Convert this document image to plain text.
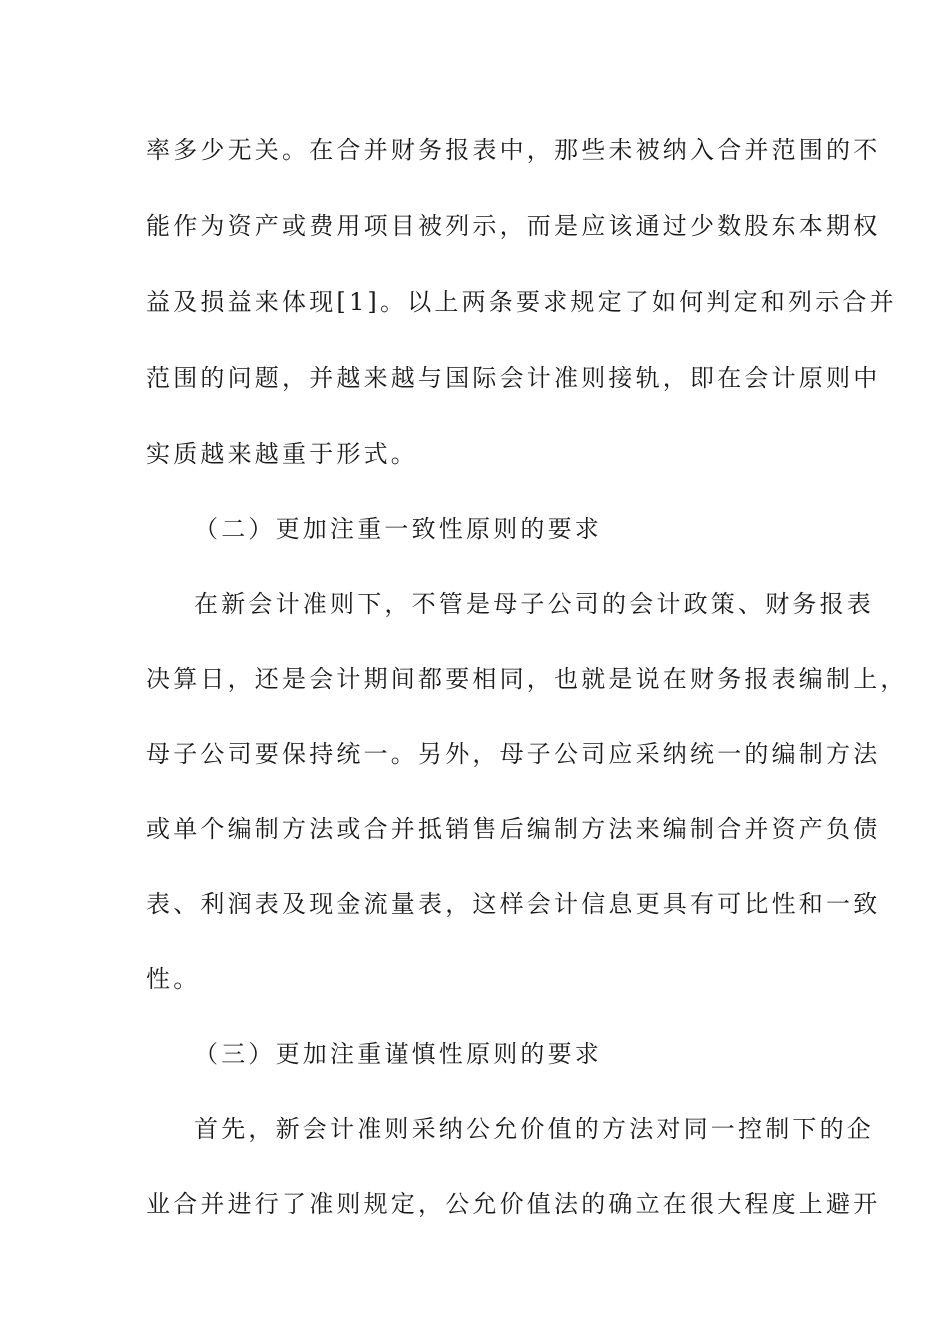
率多少无关。在合并财务报表中，那些未被纳入合并范围的不
能作为资产或费用项目被列示，而是应该通过少数股东本期权
益及损益来体现[1]。以上两条要求规定了如何判定和列示合并
范围的问题，并越来越与国际会计准则接轨，即在会计原则中
实质越来越重于形式。
（二）更加注重一致性原则的要求
在新会计准则下，不管是母子公司的会计政策、财务报表
决算日，还是会计期间都要相同，也就是说在财务报表编制上，
母子公司要保持统一。另外，母子公司应采纳统一的编制方法
或单个编制方法或合并抵销售后编制方法来编制合并资产负债
表、利润表及现金流量表，这样会计信息更具有可比性和一致
性。
（三）更加注重谨慎性原则的要求
首先，新会计准则采纳公允价值的方法对同一控制下的企
业合并进行了准则规定，公允价值法的确立在很大程度上避开
